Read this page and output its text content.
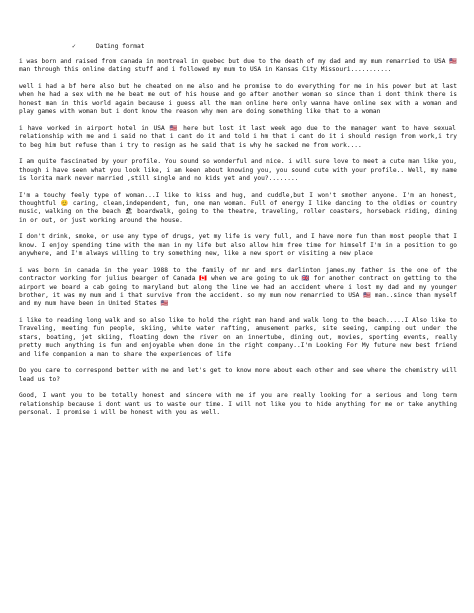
✓	Dating format

i was born and raised from canada in montreal in quebec but due to the death of my dad and my mum remarried to USA 🇺🇸 man through this online dating stuff and i followed my mum to USA in Kansas City Missouri...........

well i had a bf here also but he cheated on me also and he promise to do everything for me in his power but at last when he had a sex with me he beat me out of his house and go after another woman so since than i dont think there is honest man in this world again because i guess all the man online here only wanna have online sex with a woman and play games with woman but i dont know the reason why men are doing something like that to a woman

i have worked in airport hotel in USA 🇺🇸 here but lost it last week ago due to the manager want to have sexual relationship with me and i said no that i cant do it and told i hm that i cant do it i should resign from work,i try to beg him but refuse than i try to resign as he said that is why he sacked me from work....

I am quite fascinated by your profile. You sound so wonderful and nice. i will sure love to meet a cute man like you, though i have seen what you look like, i am keen about knowing you, you sound cute with your profile.. Well, my name is lorita mark never married ,still single and no kids yet and you?........

I'm a touchy feely type of woman...I like to kiss and hug, and cuddle,but I won't smother anyone. I'm an honest, thoughtful 😊 caring, clean,independent, fun, one man woman. Full of energy I like dancing to the oldies or country music, walking on the beach 🏖 boardwalk, going to the theatre, traveling, roller coasters, horseback riding, dining in or out, or just working around the house.

I don't drink, smoke, or use any type of drugs, yet my life is very full, and I have more fun than most people that I know. I enjoy spending time with the man in my life but also allow him free time for himself I'm in a position to go anywhere, and I'm always willing to try something new, like a new sport or visiting a new place

i was born in canada in the year 1988 to the family of mr and mrs darlinton james.my father is the one of the contractor working for julius bearger of Canada 🇨🇦 when we are going to uk 🇬🇧 for another contract on getting to the airport we board a cab going to maryland but along the line we had an accident where i lost my dad and my younger brother, it was my mum and i that survive from the accident. so my mum now remarried to USA 🇺🇸 man..since than myself and my mum have been in United States 🇺🇸

i like to reading long walk and so also like to hold the right man hand and walk long to the beach.....I Also like to Traveling, meeting fun people, skiing, white water rafting, amusement parks, site seeing, camping out under the stars, boating, jet skiing, floating down the river on an innertube, dining out, movies, sporting events, really pretty much anything is fun and enjoyable when done in the right company..I'm Looking For My future new best friend and life companion a man to share the experiences of life

Do you care to correspond better with me and let's get to know more about each other and see where the chemistry will lead us to?

Good, I want you to be totally honest and sincere with me if you are really looking for a serious and long term relationship because i dont want us to waste our time. I will not like you to hide anything for me or take anything personal. I promise i will be honest with you as well.
